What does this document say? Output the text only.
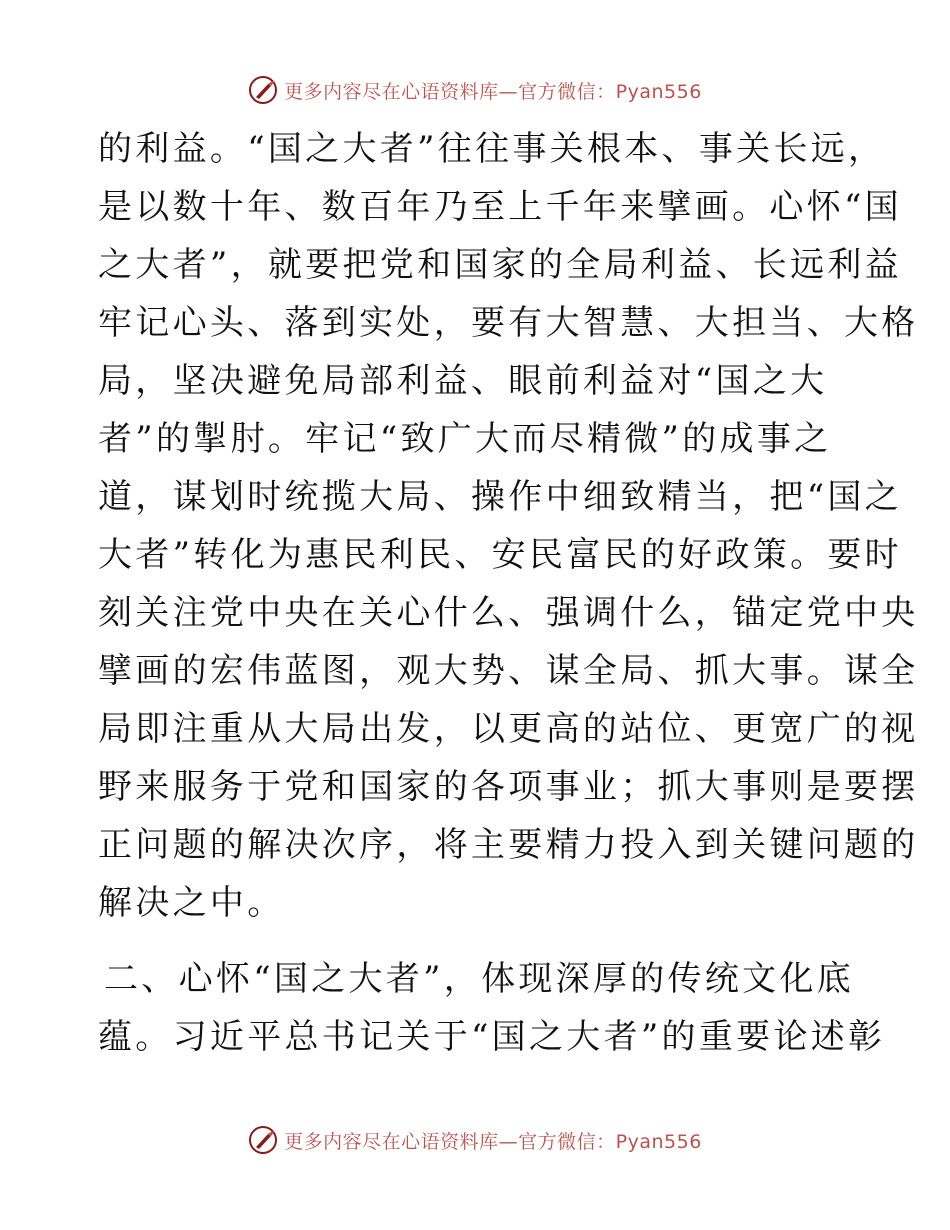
更多内容尽在心语资料库—官方微信：Pyan556
的利益。“国之大者”往往事关根本、事关长远，
是以数十年、数百年乃至上千年来擘画。心怀“国
之大者”，就要把党和国家的全局利益、长远利益
牢记心头、落到实处，要有大智慧、大担当、大格
局，坚决避免局部利益、眼前利益对“国之大
者”的掣肘。牢记“致广大而尽精微”的成事之
道，谋划时统揽大局、操作中细致精当，把“国之
大者”转化为惠民利民、安民富民的好政策。要时
刻关注党中央在关心什么、强调什么，锚定党中央
擘画的宏伟蓝图，观大势、谋全局、抓大事。谋全
局即注重从大局出发，以更高的站位、更宽广的视
野来服务于党和国家的各项事业；抓大事则是要摆
正问题的解决次序，将主要精力投入到关键问题的
解决之中。
二、心怀“国之大者”，体现深厚的传统文化底
蕴。习近平总书记关于“国之大者”的重要论述彰
更多内容尽在心语资料库—官方微信：Pyan556
